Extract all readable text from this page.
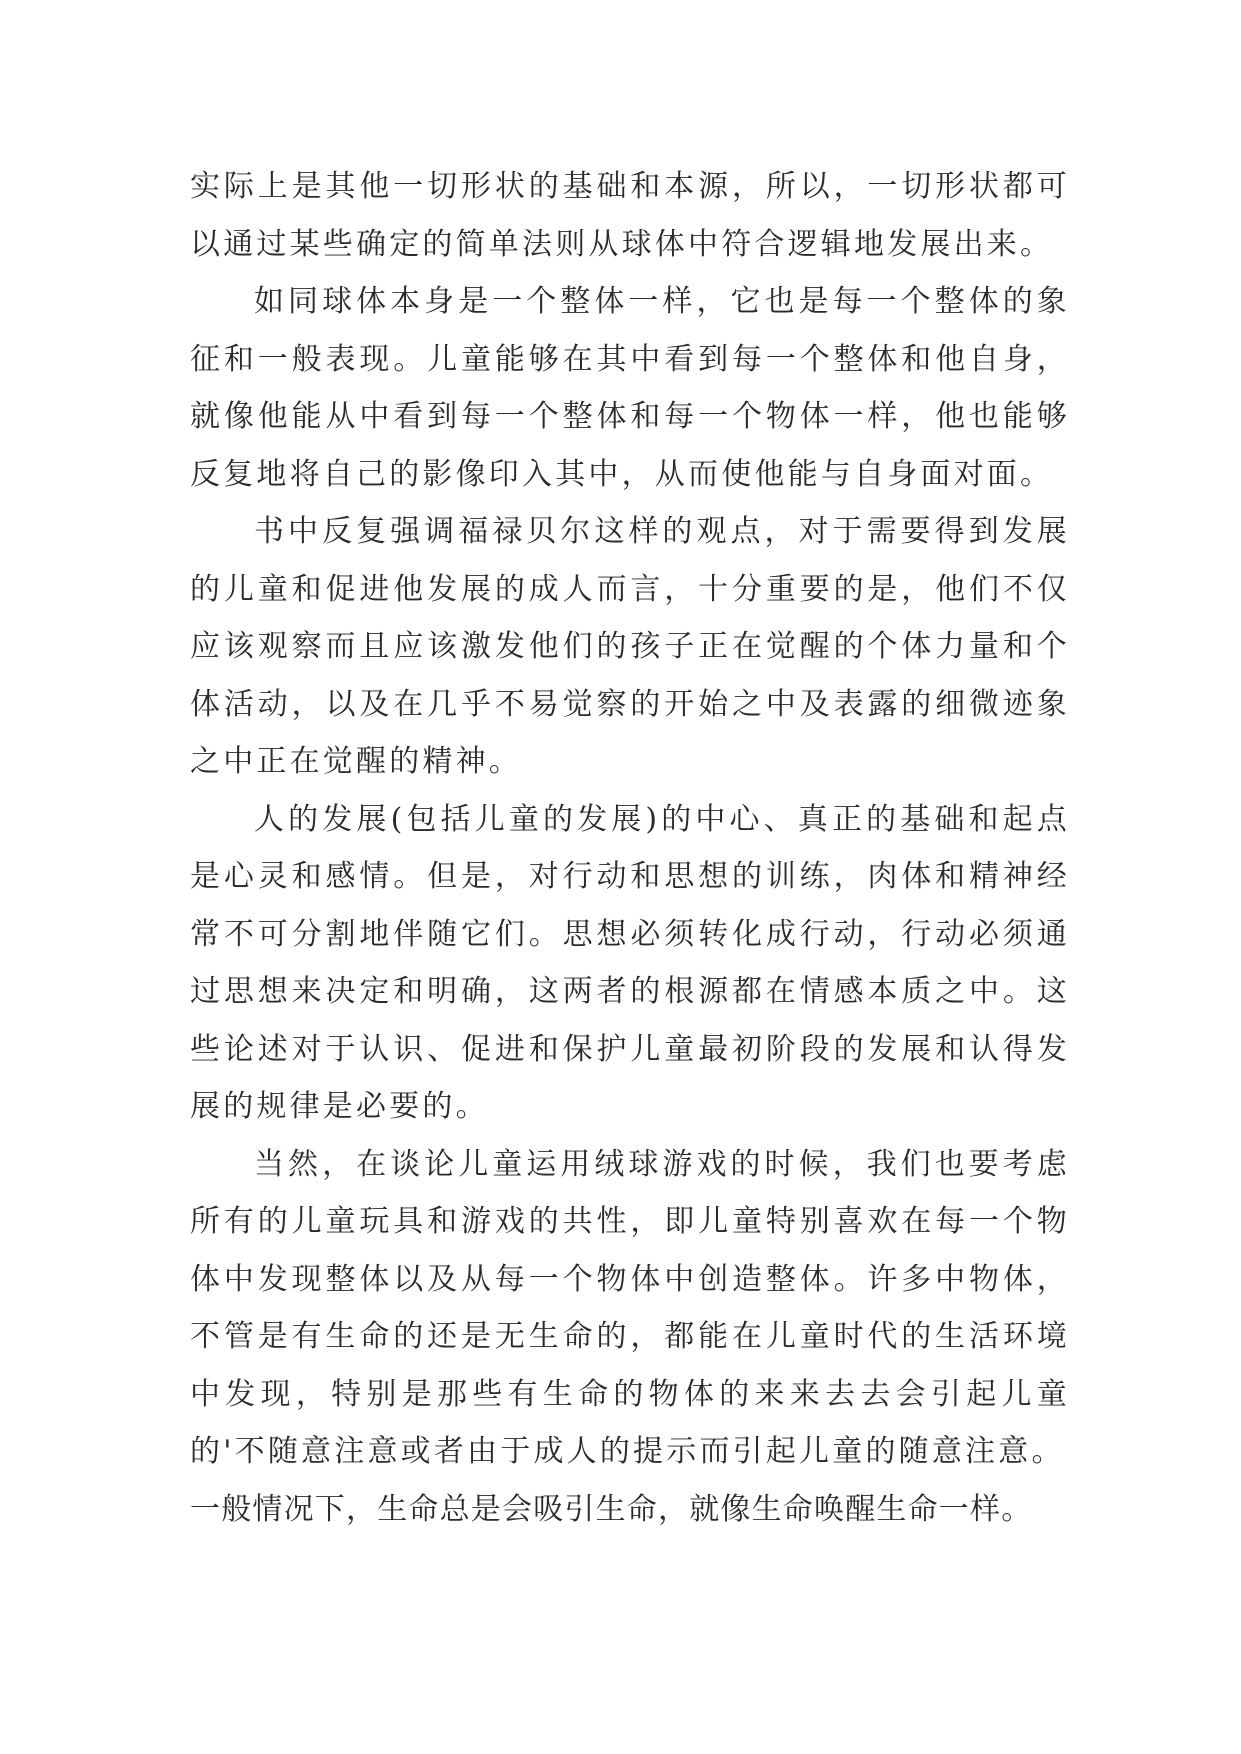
实际上是其他一切形状的基础和本源，所以，一切形状都可以通过某些确定的简单法则从球体中符合逻辑地发展出来。

如同球体本身是一个整体一样，它也是每一个整体的象征和一般表现。儿童能够在其中看到每一个整体和他自身，就像他能从中看到每一个整体和每一个物体一样，他也能够反复地将自己的影像印入其中，从而使他能与自身面对面。

书中反复强调福禄贝尔这样的观点，对于需要得到发展的儿童和促进他发展的成人而言，十分重要的是，他们不仅应该观察而且应该激发他们的孩子正在觉醒的个体力量和个体活动，以及在几乎不易觉察的开始之中及表露的细微迹象之中正在觉醒的精神。

人的发展(包括儿童的发展)的中心、真正的基础和起点是心灵和感情。但是，对行动和思想的训练，肉体和精神经常不可分割地伴随它们。思想必须转化成行动，行动必须通过思想来决定和明确，这两者的根源都在情感本质之中。这些论述对于认识、促进和保护儿童最初阶段的发展和认得发展的规律是必要的。

当然，在谈论儿童运用绒球游戏的时候，我们也要考虑所有的儿童玩具和游戏的共性，即儿童特别喜欢在每一个物体中发现整体以及从每一个物体中创造整体。许多中物体，不管是有生命的还是无生命的，都能在儿童时代的生活环境中发现，特别是那些有生命的物体的来来去去会引起儿童的'不随意注意或者由于成人的提示而引起儿童的随意注意。

一般情况下，生命总是会吸引生命，就像生命唤醒生命一样。
